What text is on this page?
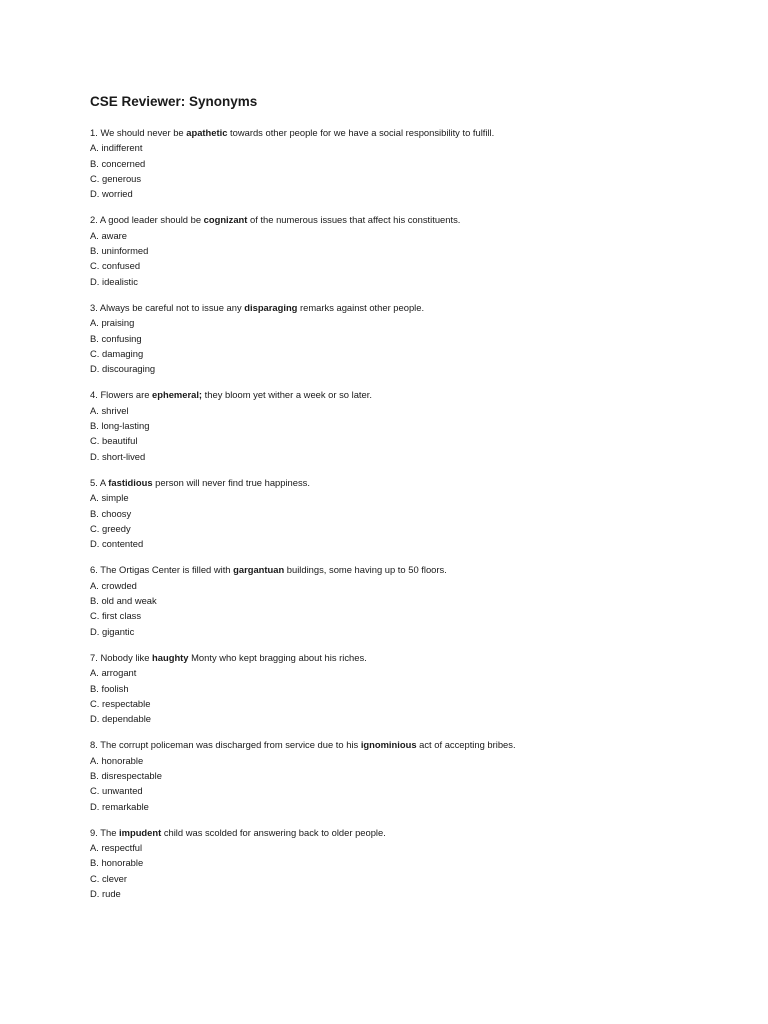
CSE Reviewer: Synonyms
1. We should never be apathetic towards other people for we have a social responsibility to fulfill.
A. indifferent
B. concerned
C. generous
D. worried
2. A good leader should be cognizant of the numerous issues that affect his constituents.
A. aware
B. uninformed
C. confused
D. idealistic
3. Always be careful not to issue any disparaging remarks against other people.
A. praising
B. confusing
C. damaging
D. discouraging
4. Flowers are ephemeral; they bloom yet wither a week or so later.
A. shrivel
B. long-lasting
C. beautiful
D. short-lived
5. A fastidious person will never find true happiness.
A. simple
B. choosy
C. greedy
D. contented
6. The Ortigas Center is filled with gargantuan buildings, some having up to 50 floors.
A. crowded
B. old and weak
C. first class
D. gigantic
7. Nobody like haughty Monty who kept bragging about his riches.
A. arrogant
B. foolish
C. respectable
D. dependable
8. The corrupt policeman was discharged from service due to his ignominious act of accepting bribes.
A. honorable
B. disrespectable
C. unwanted
D. remarkable
9. The impudent child was scolded for answering back to older people.
A. respectful
B. honorable
C. clever
D. rude
